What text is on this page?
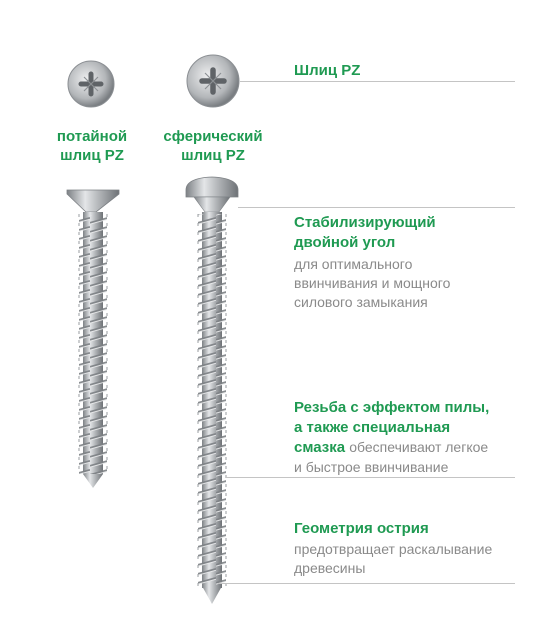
потайной
шлиц PZ
сферический
шлиц PZ
Шлиц PZ
Стабилизирующий
двойной угол
для оптимального
ввинчивания и мощного
силового замыкания
Резьба с эффектом пилы,
а также специальная
смазка обеспечивают легкое
и быстрое ввинчивание
Геометрия острия
предотвращает раскалывание
древесины
